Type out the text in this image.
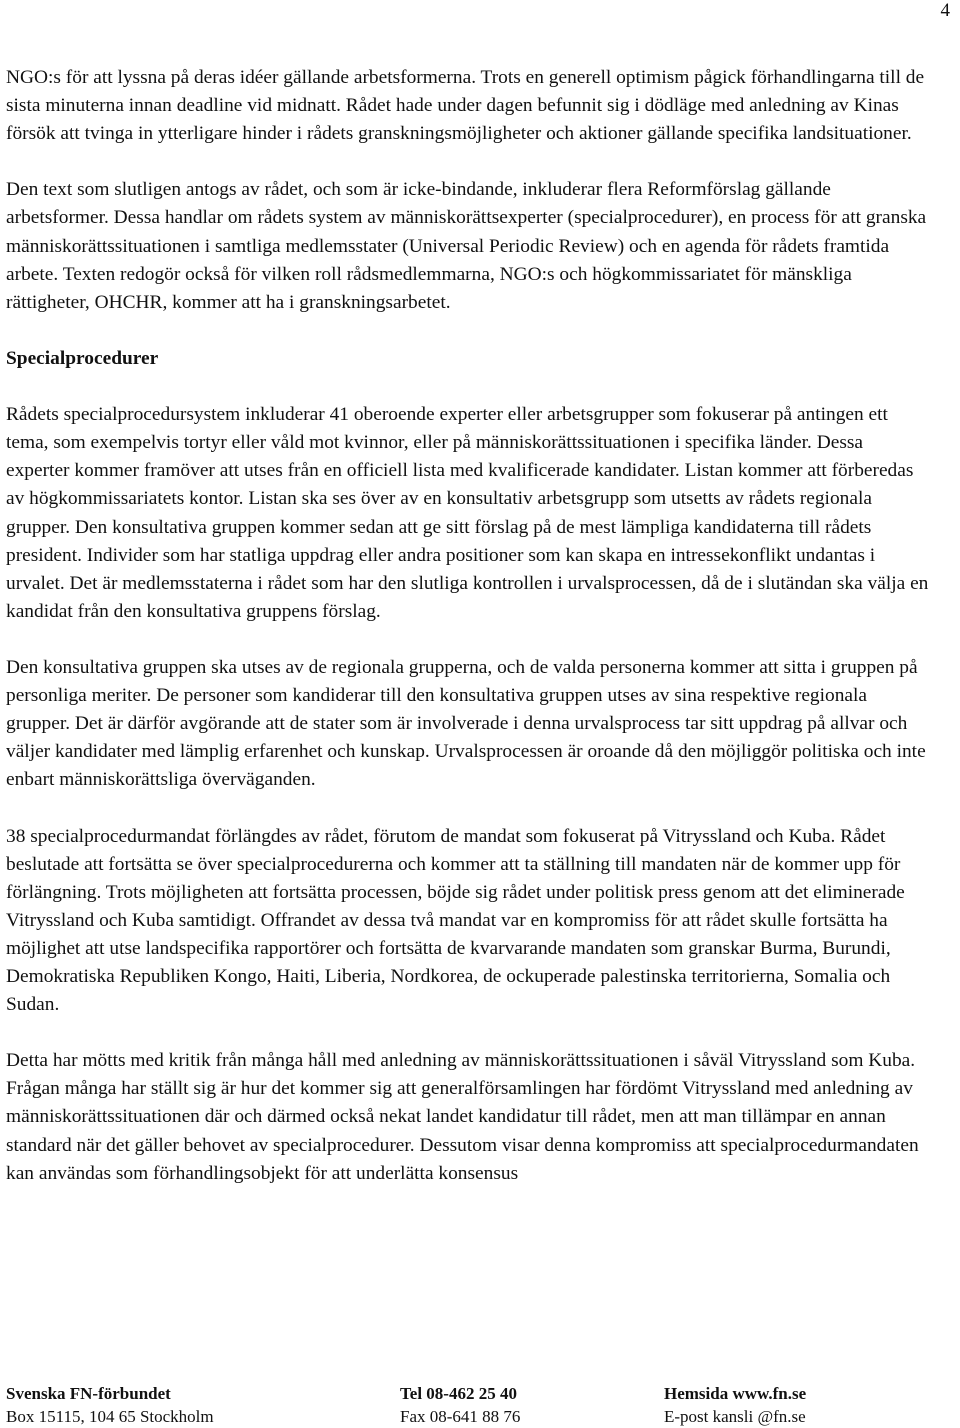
4

NGO:s för att lyssna på deras idéer gällande arbetsformerna. Trots en generell optimism pågick förhandlingarna till de sista minuterna innan deadline vid midnatt. Rådet hade under dagen befunnit sig i dödläge med anledning av Kinas försök att tvinga in ytterligare hinder i rådets granskningsmöjligheter och aktioner gällande specifika landsituationer.

Den text som slutligen antogs av rådet, och som är icke-bindande, inkluderar flera Reformförslag gällande arbetsformer. Dessa handlar om rådets system av människorättsexperter (specialprocedurer), en process för att granska människorättssituationen i samtliga medlemsstater (Universal Periodic Review) och en agenda för rådets framtida arbete. Texten redogör också för vilken roll rådsmedlemmarna, NGO:s och högkommissariatet för mänskliga rättigheter, OHCHR, kommer att ha i granskningsarbetet.

Specialprocedurer

Rådets specialprocedursystem inkluderar 41 oberoende experter eller arbetsgrupper som fokuserar på antingen ett tema, som exempelvis tortyr eller våld mot kvinnor, eller på människorättssituationen i specifika länder. Dessa experter kommer framöver att utses från en officiell lista med kvalificerade kandidater. Listan kommer att förberedas av högkommissariatets kontor. Listan ska ses över av en konsultativ arbetsgrupp som utsetts av rådets regionala grupper. Den konsultativa gruppen kommer sedan att ge sitt förslag på de mest lämpliga kandidaterna till rådets president. Individer som har statliga uppdrag eller andra positioner som kan skapa en intressekonflikt undantas i urvalet. Det är medlemsstaterna i rådet som har den slutliga kontrollen i urvalsprocessen, då de i slutändan ska välja en kandidat från den konsultativa gruppens förslag.

Den konsultativa gruppen ska utses av de regionala grupperna, och de valda personerna kommer att sitta i gruppen på personliga meriter. De personer som kandiderar till den konsultativa gruppen utses av sina respektive regionala grupper. Det är därför avgörande att de stater som är involverade i denna urvalsprocess tar sitt uppdrag på allvar och väljer kandidater med lämplig erfarenhet och kunskap. Urvalsprocessen är oroande då den möjliggör politiska och inte enbart människorättsliga överväganden.

38 specialprocedurmandat förlängdes av rådet, förutom de mandat som fokuserat på Vitryssland och Kuba. Rådet beslutade att fortsätta se över specialprocedurerna och kommer att ta ställning till mandaten när de kommer upp för förlängning. Trots möjligheten att fortsätta processen, böjde sig rådet under politisk press genom att det eliminerade Vitryssland och Kuba samtidigt. Offrandet av dessa två mandat var en kompromiss för att rådet skulle fortsätta ha möjlighet att utse landspecifika rapportörer och fortsätta de kvarvarande mandaten som granskar Burma, Burundi, Demokratiska Republiken Kongo, Haiti, Liberia, Nordkorea, de ockuperade palestinska territorierna, Somalia och Sudan.

Detta har mötts med kritik från många håll med anledning av människorättssituationen i såväl Vitryssland som Kuba. Frågan många har ställt sig är hur det kommer sig att generalförsamlingen har fördömt Vitryssland med anledning av människorättssituationen där och därmed också nekat landet kandidatur till rådet, men att man tillämpar en annan standard när det gäller behovet av specialprocedurer. Dessutom visar denna kompromiss att specialprocedurmandaten kan användas som förhandlingsobjekt för att underlätta konsensus

Svenska FN-förbundet	Tel 08-462 25 40	Hemsida www.fn.se
Box 15115, 104 65 Stockholm	Fax 08-641 88 76	E-post kansli @fn.se
